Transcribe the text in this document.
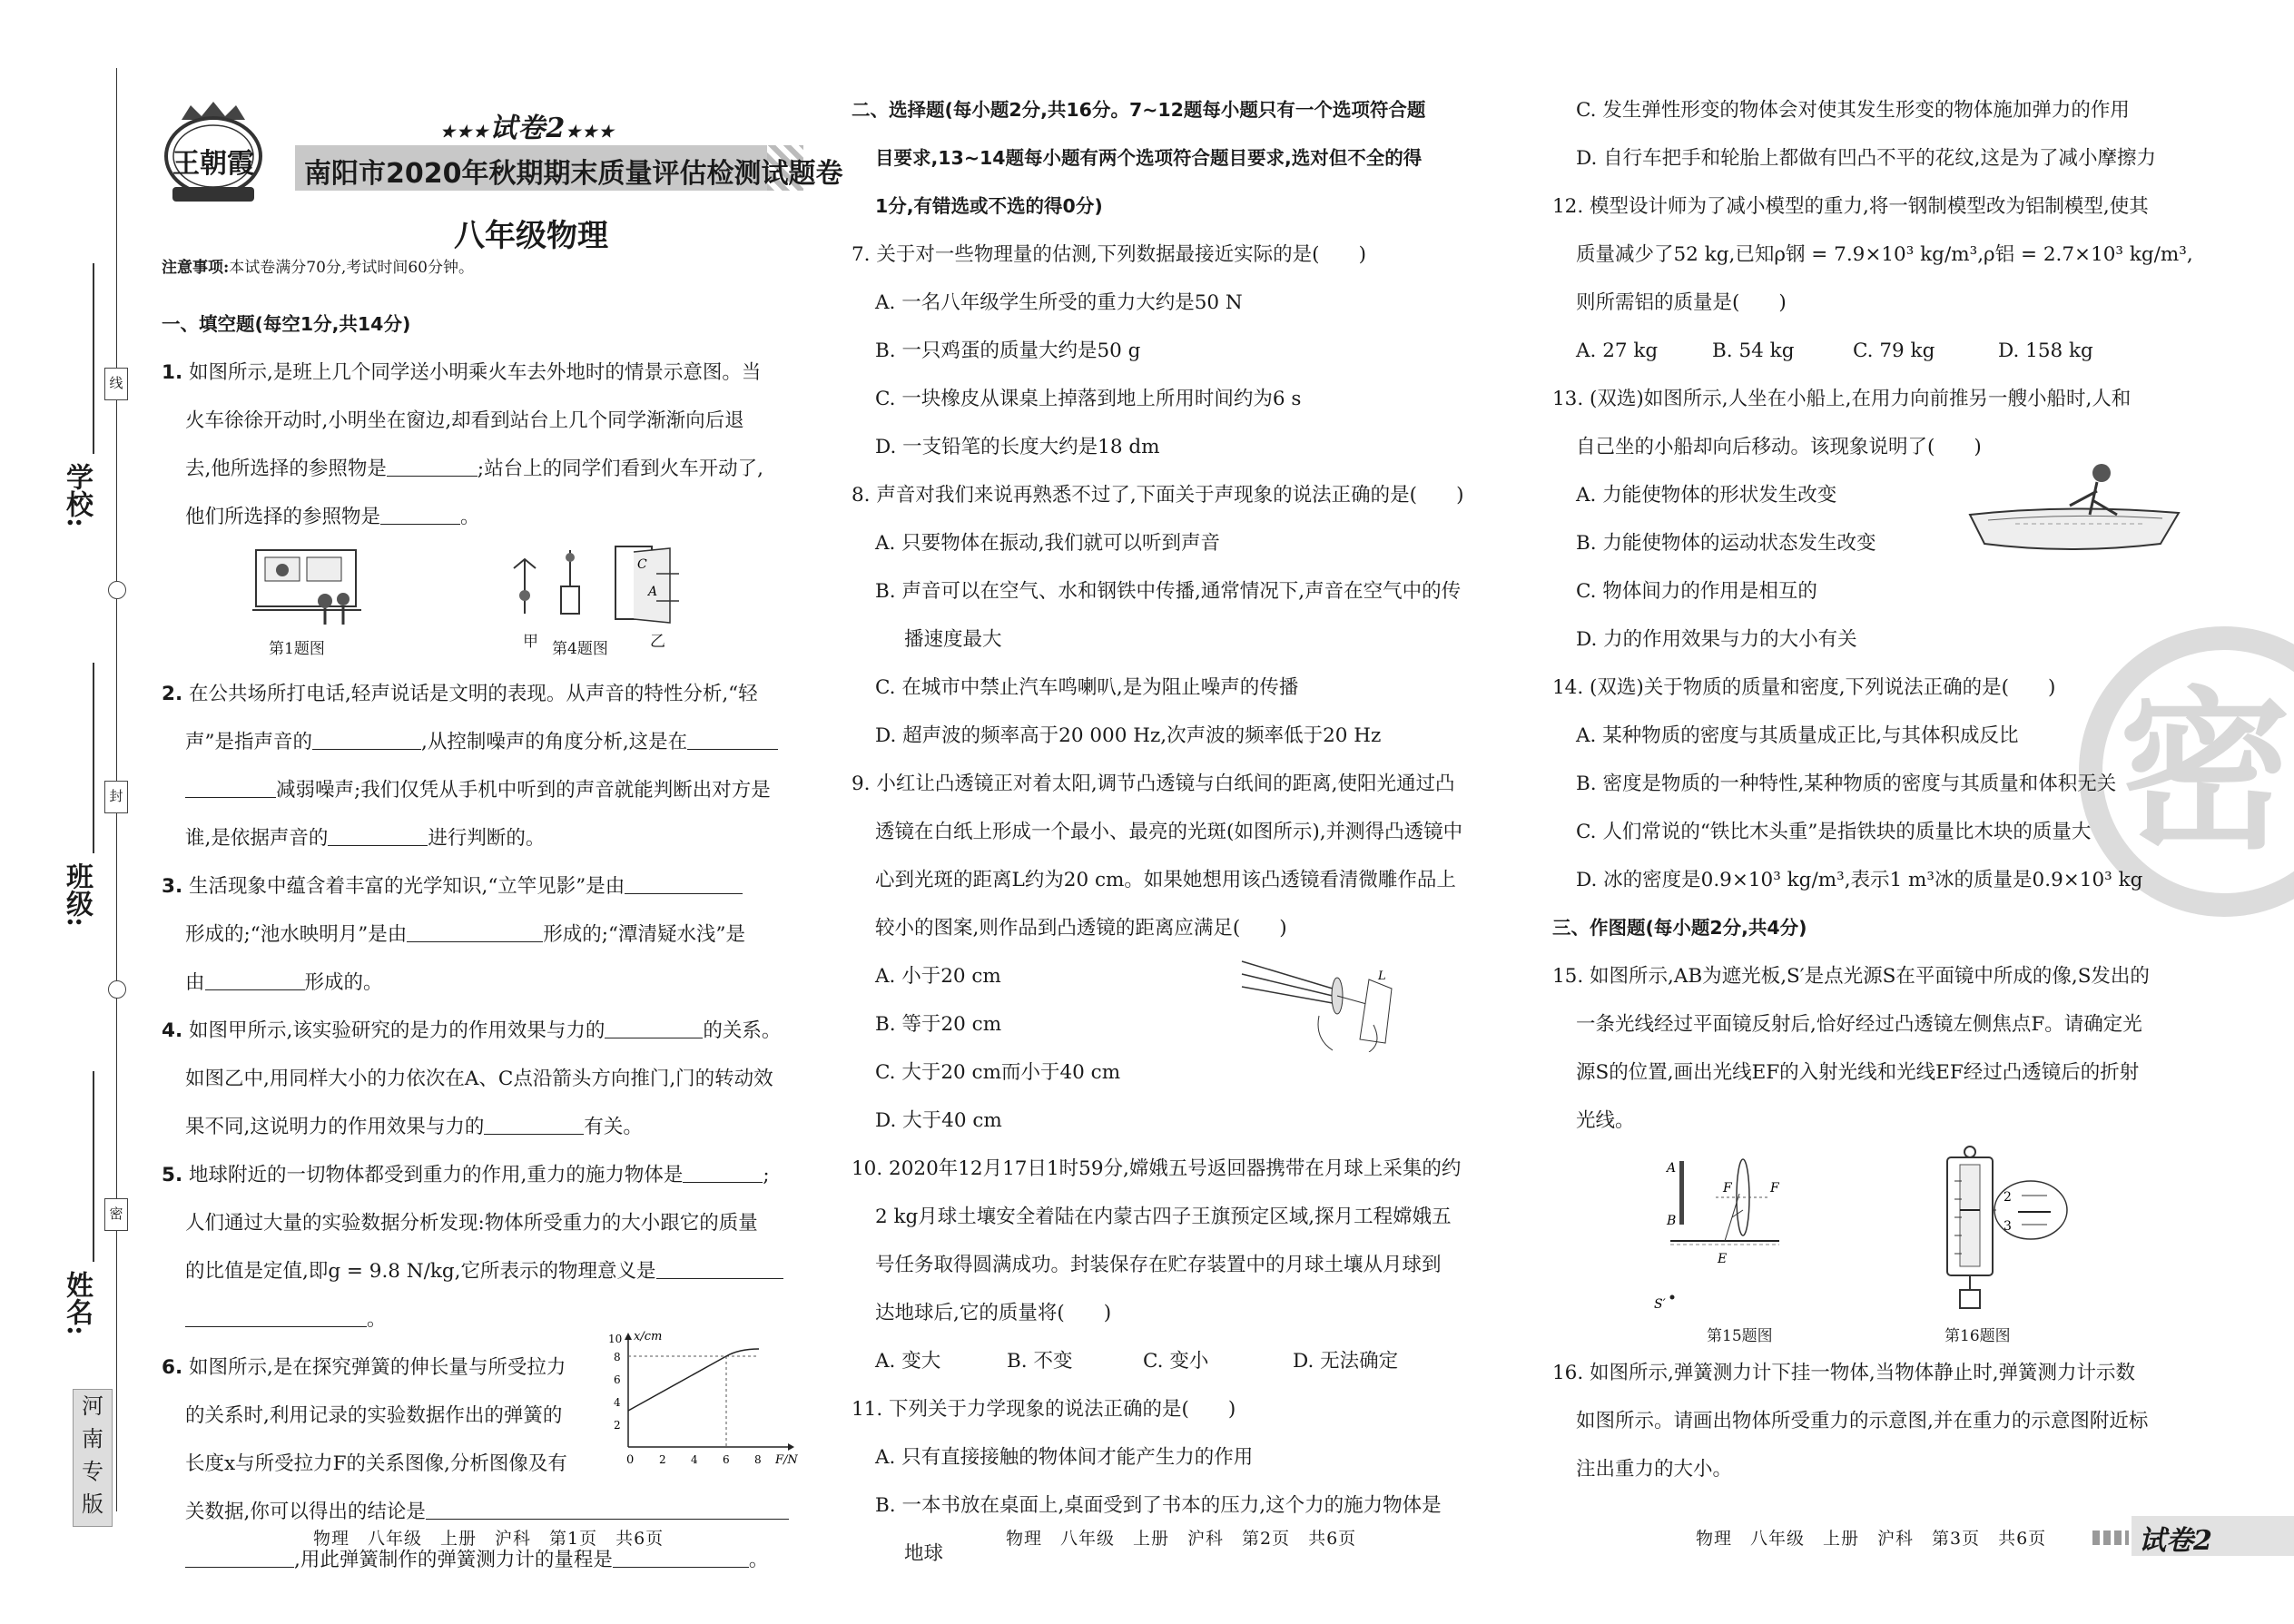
线
封
密
学校:
班级:
姓名:
河
南
专
版
王朝霞
★★★试卷2★★★
南阳市2020年秋期期末质量评估检测试题卷
八年级物理
注意事项:本试卷满分70分,考试时间60分钟。

一、填空题(每空1分,共14分)

1. 如图所示,是班上几个同学送小明乘火车去外地时的情景示意图。当

火车徐徐开动时,小明坐在窗边,却看到站台上几个同学渐渐向后退

去,他所选择的参照物是	;站台上的同学们看到火车开动了,

他们所选择的参照物是	。

第1题图
C
A
甲	乙
第4题图

2. 在公共场所打电话,轻声说话是文明的表现。从声音的特性分析,“轻

声”是指声音的	,从控制噪声的角度分析,这是在

减弱噪声;我们仅凭从手机中听到的声音就能判断出对方是

谁,是依据声音的	进行判断的。

3. 生活现象中蕴含着丰富的光学知识,“立竿见影”是由

形成的;“池水映明月”是由	形成的;“潭清疑水浅”是

由	形成的。

4. 如图甲所示,该实验研究的是力的作用效果与力的	的关系。

如图乙中,用同样大小的力依次在A、C点沿箭头方向推门,门的转动效

果不同,这说明力的作用效果与力的	有关。

5. 地球附近的一切物体都受到重力的作用,重力的施力物体是	;

人们通过大量的实验数据分析发现:物体所受重力的大小跟它的质量

的比值是定值,即g = 9.8 N/kg,它所表示的物理意义是

。

6. 如图所示,是在探究弹簧的伸长量与所受拉力

的关系时,利用记录的实验数据作出的弹簧的

长度x与所受拉力F的关系图像,分析图像及有

关数据,你可以得出的结论是

,用此弹簧制作的弹簧测力计的量程是	。

x/cm
F/N
0
10
8
6
4
2
2 4 6 8
物理　八年级　上册　沪科　第1页　共6页

二、选择题(每小题2分,共16分。7~12题每小题只有一个选项符合题

目要求,13~14题每小题有两个选项符合题目要求,选对但不全的得

1分,有错选或不选的得0分)

7. 关于对一些物理量的估测,下列数据最接近实际的是(　　)

A. 一名八年级学生所受的重力大约是50 N

B. 一只鸡蛋的质量大约是50 g

C. 一块橡皮从课桌上掉落到地上所用时间约为6 s

D. 一支铅笔的长度大约是18 dm

8. 声音对我们来说再熟悉不过了,下面关于声现象的说法正确的是(　　)

A. 只要物体在振动,我们就可以听到声音

B. 声音可以在空气、水和钢铁中传播,通常情况下,声音在空气中的传

播速度最大

C. 在城市中禁止汽车鸣喇叭,是为阻止噪声的传播

D. 超声波的频率高于20 000 Hz,次声波的频率低于20 Hz

9. 小红让凸透镜正对着太阳,调节凸透镜与白纸间的距离,使阳光通过凸

透镜在白纸上形成一个最小、最亮的光斑(如图所示),并测得凸透镜中

心到光斑的距离L约为20 cm。如果她想用该凸透镜看清微雕作品上

较小的图案,则作品到凸透镜的距离应满足(　　)

A. 小于20 cm

B. 等于20 cm

C. 大于20 cm而小于40 cm

D. 大于40 cm

L

10. 2020年12月17日1时59分,嫦娥五号返回器携带在月球上采集的约

2 kg月球土壤安全着陆在内蒙古四子王旗预定区域,探月工程嫦娥五

号任务取得圆满成功。封装保存在贮存装置中的月球土壤从月球到

达地球后,它的质量将(　　)

A. 变大	B. 不变	C. 变小	D. 无法确定

11. 下列关于力学现象的说法正确的是(　　)

A. 只有直接接触的物体间才能产生力的作用

B. 一本书放在桌面上,桌面受到了书本的压力,这个力的施力物体是

地球

物理　八年级　上册　沪科　第2页　共6页
密

C. 发生弹性形变的物体会对使其发生形变的物体施加弹力的作用

D. 自行车把手和轮胎上都做有凹凸不平的花纹,这是为了减小摩擦力

12. 模型设计师为了减小模型的重力,将一钢制模型改为铝制模型,使其

质量减少了52 kg,已知ρ钢 = 7.9×10³ kg/m³,ρ铝 = 2.7×10³ kg/m³,

则所需铝的质量是(　　)

A. 27 kg	B. 54 kg	C. 79 kg	D. 158 kg

13. (双选)如图所示,人坐在小船上,在用力向前推另一艘小船时,人和

自己坐的小船却向后移动。该现象说明了(　　)

A. 力能使物体的形状发生改变

B. 力能使物体的运动状态发生改变

C. 物体间力的作用是相互的

D. 力的作用效果与力的大小有关

14. (双选)关于物质的质量和密度,下列说法正确的是(　　)

A. 某种物质的密度与其质量成正比,与其体积成反比

B. 密度是物质的一种特性,某种物质的密度与其质量和体积无关

C. 人们常说的“铁比木头重”是指铁块的质量比木块的质量大

D. 冰的密度是0.9×10³ kg/m³,表示1 m³冰的质量是0.9×10³ kg

三、作图题(每小题2分,共4分)

15. 如图所示,AB为遮光板,S′是点光源S在平面镜中所成的像,S发出的

一条光线经过平面镜反射后,恰好经过凸透镜左侧焦点F。请确定光

源S的位置,画出光线EF的入射光线和光线EF经过凸透镜后的折射

光线。

A
B
F	F
E
S′
第15题图
2
3
第16题图

16. 如图所示,弹簧测力计下挂一物体,当物体静止时,弹簧测力计示数

如图所示。请画出物体所受重力的示意图,并在重力的示意图附近标

注出重力的大小。

物理　八年级　上册　沪科　第3页　共6页	试卷2
